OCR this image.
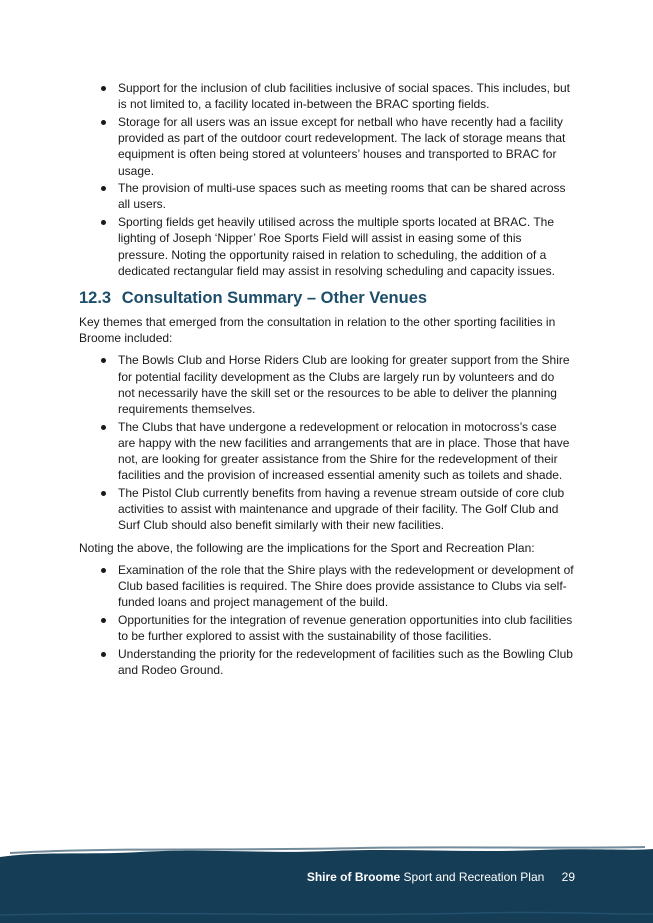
Support for the inclusion of club facilities inclusive of social spaces. This includes, but is not limited to, a facility located in-between the BRAC sporting fields.
Storage for all users was an issue except for netball who have recently had a facility provided as part of the outdoor court redevelopment. The lack of storage means that equipment is often being stored at volunteers’ houses and transported to BRAC for usage.
The provision of multi-use spaces such as meeting rooms that can be shared across all users.
Sporting fields get heavily utilised across the multiple sports located at BRAC. The lighting of Joseph ‘Nipper’ Roe Sports Field will assist in easing some of this pressure. Noting the opportunity raised in relation to scheduling, the addition of a dedicated rectangular field may assist in resolving scheduling and capacity issues.
12.3 Consultation Summary – Other Venues

Key themes that emerged from the consultation in relation to the other sporting facilities in Broome included:

The Bowls Club and Horse Riders Club are looking for greater support from the Shire for potential facility development as the Clubs are largely run by volunteers and do not necessarily have the skill set or the resources to be able to deliver the planning requirements themselves.
The Clubs that have undergone a redevelopment or relocation in motocross’s case are happy with the new facilities and arrangements that are in place. Those that have not, are looking for greater assistance from the Shire for the redevelopment of their facilities and the provision of increased essential amenity such as toilets and shade.
The Pistol Club currently benefits from having a revenue stream outside of core club activities to assist with maintenance and upgrade of their facility. The Golf Club and Surf Club should also benefit similarly with their new facilities.

Noting the above, the following are the implications for the Sport and Recreation Plan:

Examination of the role that the Shire plays with the redevelopment or development of Club based facilities is required. The Shire does provide assistance to Clubs via self-funded loans and project management of the build.
Opportunities for the integration of revenue generation opportunities into club facilities to be further explored to assist with the sustainability of those facilities.
Understanding the priority for the redevelopment of facilities such as the Bowling Club and Rodeo Ground.
Shire of Broome Sport and Recreation Plan 29
